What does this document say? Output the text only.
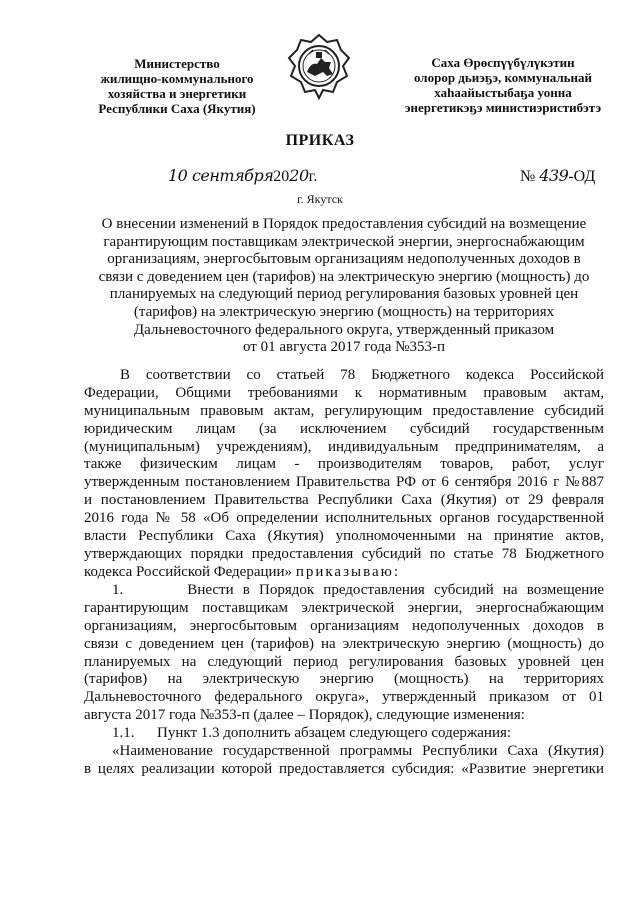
Министерство
жилищно-коммунального
хозяйства и энергетики
Республики Саха (Якутия)
Саха Өрөспүүбүлүкэтин
олорор дьиэҕэ, коммунальнай
хаһаайыстыбаҕа уонна
энергетикэҕэ министиэристибэтэ
ПРИКАЗ
10 сентября2020г.	№ 439-ОД
г. Якутск
О внесении изменений в Порядок предоставления субсидий на возмещение
гарантирующим поставщикам электрической энергии, энергоснабжающим
организациям, энергосбытовым организациям недополученных доходов в
связи с доведением цен (тарифов) на электрическую энергию (мощность) до
планируемых на следующий период регулирования базовых уровней цен
(тарифов) на электрическую энергию (мощность) на территориях
Дальневосточного федерального округа, утвержденный приказом
от 01 августа 2017 года №353-п
В соответствии со статьей 78 Бюджетного кодекса Российской
Федерации, Общими требованиями к нормативным правовым актам,
муниципальным правовым актам, регулирующим предоставление субсидий
юридическим лицам (за исключением субсидий государственным
(муниципальным) учреждениям), индивидуальным предпринимателям, а
также физическим лицам - производителям товаров, работ, услуг
утвержденным постановлением Правительства РФ от 6 сентября 2016 г №887
и постановлением Правительства Республики Саха (Якутия) от 29 февраля
2016 года № 58 «Об определении исполнительных органов государственной
власти Республики Саха (Якутия) уполномоченными на принятие актов,
утверждающих порядки предоставления субсидий по статье 78 Бюджетного
кодекса Российской Федерации» приказываю:
1.       Внести в Порядок предоставления субсидий на возмещение
гарантирующим поставщикам электрической энергии, энергоснабжающим
организациям, энергосбытовым организациям недополученных доходов в
связи с доведением цен (тарифов) на электрическую энергию (мощность) до
планируемых на следующий период регулирования базовых уровней цен
(тарифов) на электрическую энергию (мощность) на территориях
Дальневосточного федерального округа», утвержденный приказом от 01
августа 2017 года №353-п (далее – Порядок), следующие изменения:
1.1.      Пункт 1.3 дополнить абзацем следующего содержания:
«Наименование государственной программы Республики Саха (Якутия)
в целях реализации которой предоставляется субсидия: «Развитие энергетики
